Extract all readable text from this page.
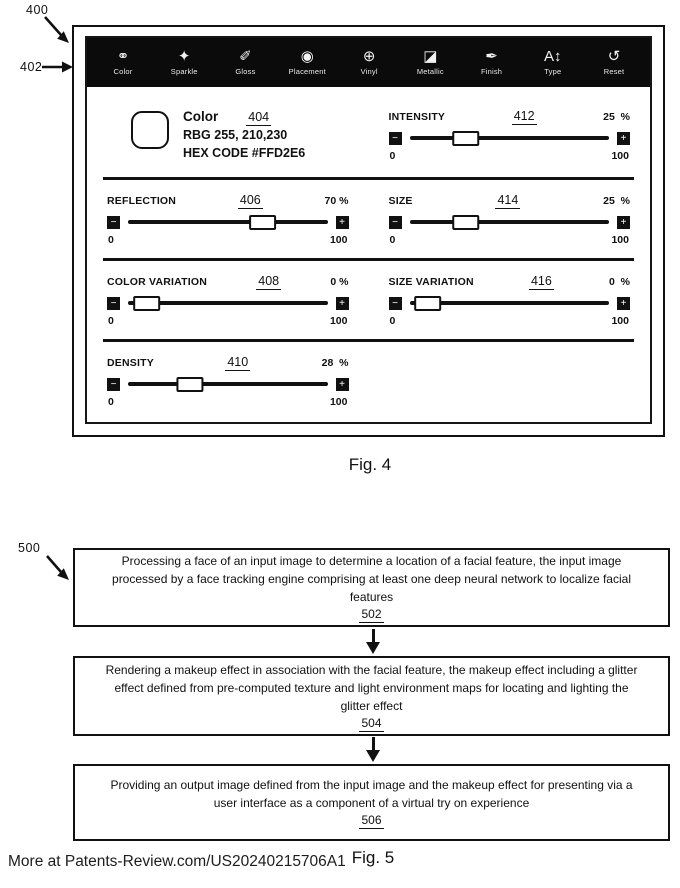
400
402
⚭
Color
✦
Sparkle
✐
Gloss
◉
Placement
⊕
Vinyl
◪
Metallic
✒
Finish
A↕
Type
↺
Reset
Color 404
RBG 255, 210,230
HEX CODE #FFD2E6
INTENSITY	412	25  %
−	+
0	100
REFLECTION	406	70 %
−	+
0	100
SIZE	414	25  %
−	+
0	100
COLOR VARIATION	408	0 %
−	+
0	100
SIZE VARIATION	416	0  %
−	+
0	100
DENSITY	410	28  %
−	+
0	100
Fig. 4
500
Processing a face of an input image to determine a location of a facial feature, the input image processed by a face tracking engine comprising at least one deep neural network to localize facial features
502
Rendering a makeup effect in association with the facial feature, the makeup effect including a glitter effect defined from pre-computed texture and light environment maps for locating and lighting the glitter effect
504
Providing an output image defined from the input image and the makeup effect for presenting via a user interface as a component of a virtual try on experience
506
More at Patents-Review.com/US20240215706A1 Fig. 5
